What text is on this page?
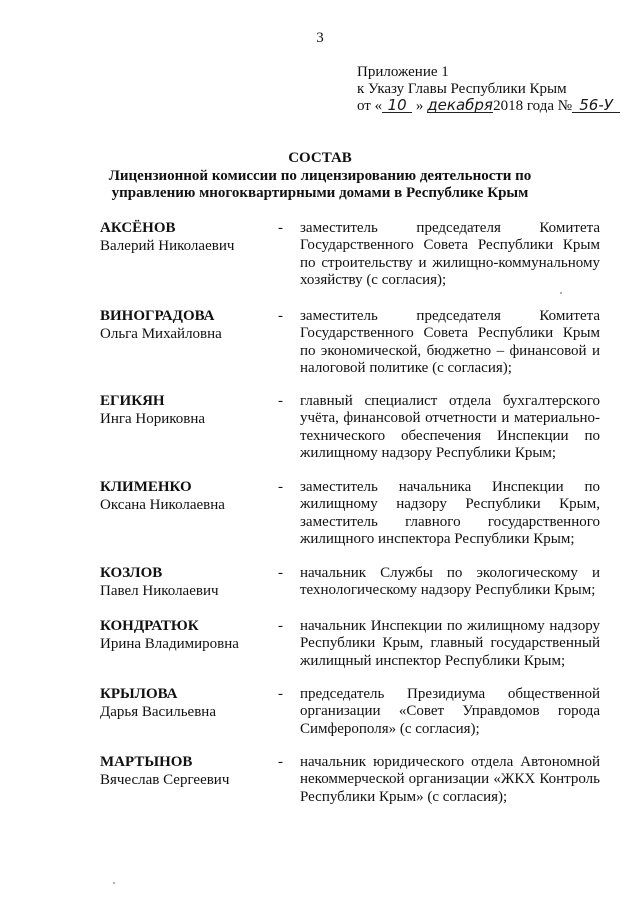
3
Приложение 1
к Указу Главы Республики Крым
от « 10 » декабря2018 года № 56-У
СОСТАВ
Лицензионной комиссии по лицензированию деятельности по управлению многоквартирными домами в Республике Крым
АКСЁНОВ
Валерий Николаевич
- заместитель председателя Комитета Государственного Совета Республики Крым по строительству и жилищно-коммунальному хозяйству (с согласия);
ВИНОГРАДОВА
Ольга Михайловна
- заместитель председателя Комитета Государственного Совета Республики Крым по экономической, бюджетно – финансовой и налоговой политике (с согласия);
ЕГИКЯН
Инга Нориковна
- главный специалист отдела бухгалтерского учёта, финансовой отчетности и материально-технического обеспечения Инспекции по жилищному надзору Республики Крым;
КЛИМЕНКО
Оксана Николаевна
- заместитель начальника Инспекции по жилищному надзору Республики Крым, заместитель главного государственного жилищного инспектора Республики Крым;
КОЗЛОВ
Павел Николаевич
- начальник Службы по экологическому и технологическому надзору Республики Крым;
КОНДРАТЮК
Ирина Владимировна
- начальник Инспекции по жилищному надзору Республики Крым, главный государственный жилищный инспектор Республики Крым;
КРЫЛОВА
Дарья Васильевна
- председатель Президиума общественной организации «Совет Управдомов города Симферополя» (с согласия);
МАРТЫНОВ
Вячеслав Сергеевич
- начальник юридического отдела Автономной некоммерческой организации «ЖКХ Контроль Республики Крым» (с согласия);
